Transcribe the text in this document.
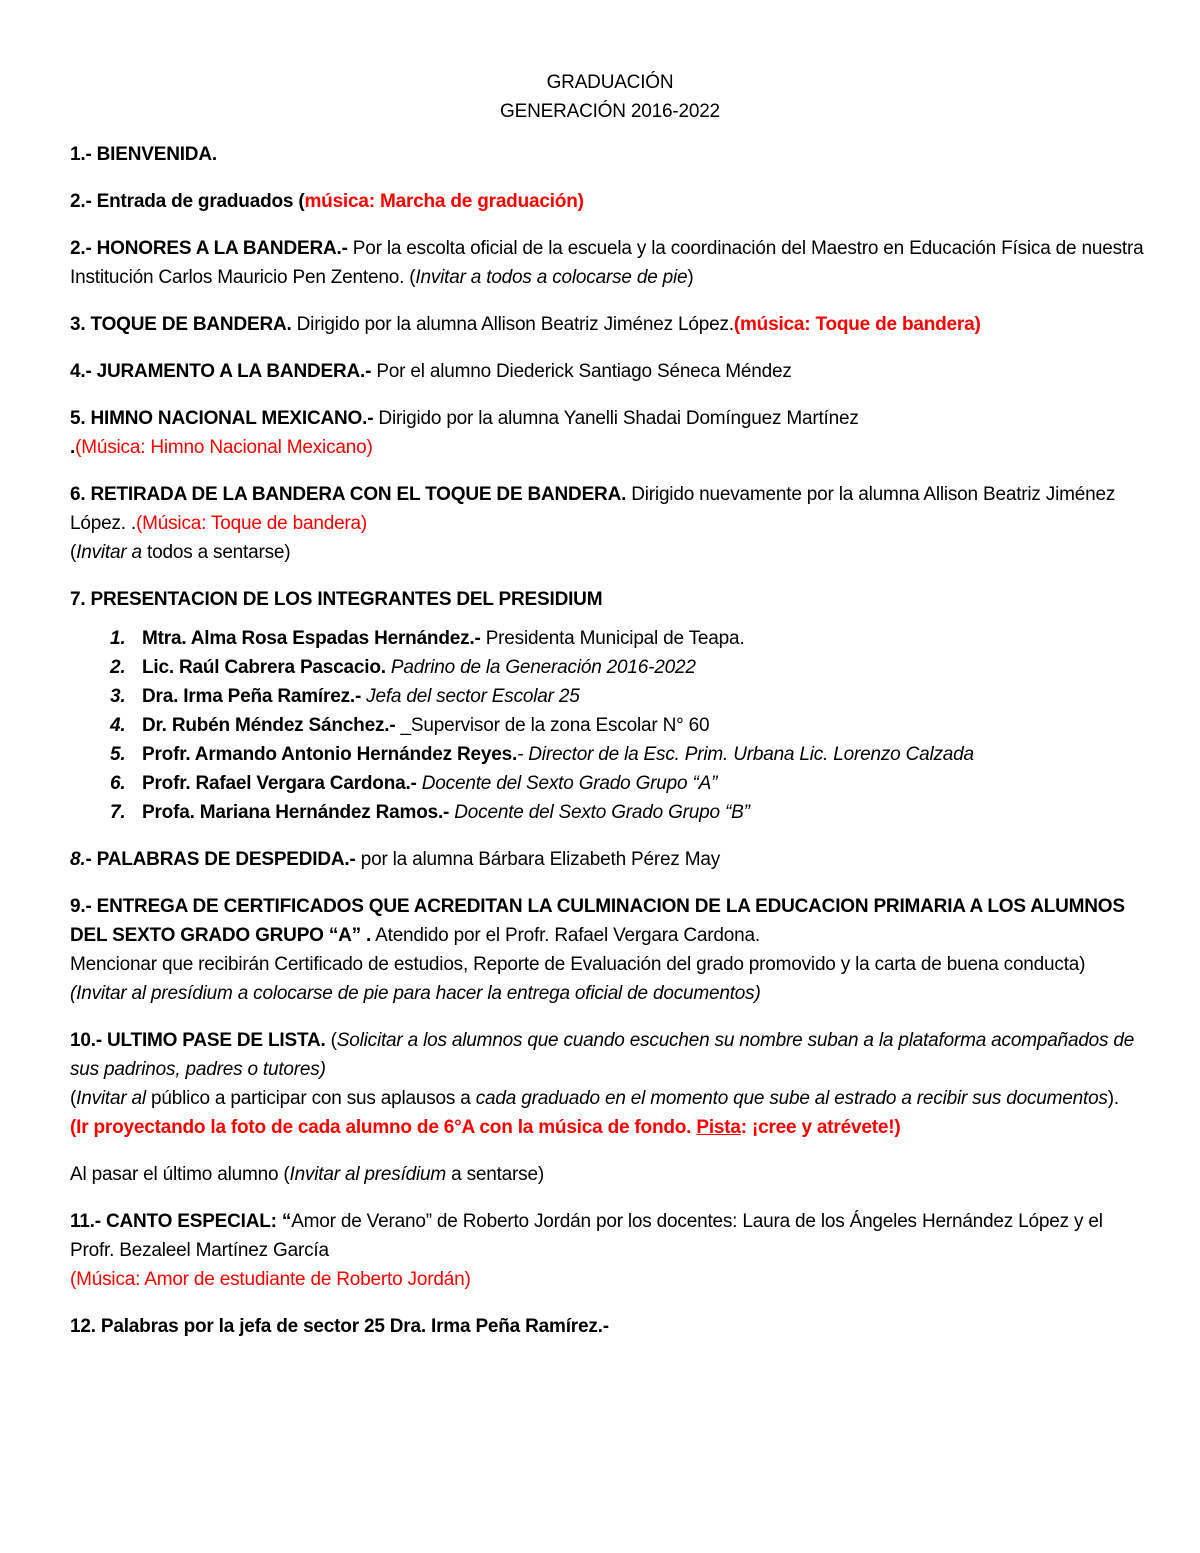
GRADUACIÓN
GENERACIÓN 2016-2022

1.- BIENVENIDA.

2.- Entrada de graduados (música: Marcha de graduación)

2.- HONORES A LA BANDERA.- Por la escolta oficial de la escuela y la coordinación del Maestro en Educación Física de nuestra Institución Carlos Mauricio Pen Zenteno. (Invitar a todos a colocarse de pie)

3. TOQUE DE BANDERA. Dirigido por la alumna Allison Beatriz Jiménez López.(música: Toque de bandera)

4.- JURAMENTO A LA BANDERA.- Por el alumno Diederick Santiago Séneca Méndez

5. HIMNO NACIONAL MEXICANO.- Dirigido por la alumna Yanelli Shadai Domínguez Martínez
.(Música: Himno Nacional Mexicano)

6. RETIRADA DE LA BANDERA CON EL TOQUE DE BANDERA. Dirigido nuevamente por la alumna Allison Beatriz Jiménez López. .(Música: Toque de bandera)
(Invitar a todos a sentarse)

7. PRESENTACION DE LOS INTEGRANTES DEL PRESIDIUM

1. Mtra. Alma Rosa Espadas Hernández.- Presidenta Municipal de Teapa.
2. Lic. Raúl Cabrera Pascacio. Padrino de la Generación 2016-2022
3. Dra. Irma Peña Ramírez.- Jefa del sector Escolar 25
4. Dr. Rubén Méndez Sánchez.- _Supervisor de la zona Escolar N° 60
5. Profr. Armando Antonio Hernández Reyes.- Director de la Esc. Prim. Urbana Lic. Lorenzo Calzada
6. Profr. Rafael Vergara Cardona.- Docente del Sexto Grado Grupo “A”
7. Profa. Mariana Hernández Ramos.- Docente del Sexto Grado Grupo “B”

8.- PALABRAS DE DESPEDIDA.- por la alumna Bárbara Elizabeth Pérez May

9.- ENTREGA DE CERTIFICADOS QUE ACREDITAN LA CULMINACION DE LA EDUCACION PRIMARIA A LOS ALUMNOS DEL SEXTO GRADO GRUPO “A” . Atendido por el Profr. Rafael Vergara Cardona.
Mencionar que recibirán Certificado de estudios, Reporte de Evaluación del grado promovido y la carta de buena conducta)
(Invitar al presídium a colocarse de pie para hacer la entrega oficial de documentos)

10.- ULTIMO PASE DE LISTA. (Solicitar a los alumnos que cuando escuchen su nombre suban a la plataforma acompañados de sus padrinos, padres o tutores)
(Invitar al público a participar con sus aplausos a cada graduado en el momento que sube al estrado a recibir sus documentos).
(Ir proyectando la foto de cada alumno de 6°A con la música de fondo. Pista: ¡cree y atrévete!)

Al pasar el último alumno (Invitar al presídium a sentarse)

11.- CANTO ESPECIAL: “Amor de Verano” de Roberto Jordán por los docentes: Laura de los Ángeles Hernández López y el Profr. Bezaleel Martínez García
(Música: Amor de estudiante de Roberto Jordán)

12. Palabras por la jefa de sector 25 Dra. Irma Peña Ramírez.-
